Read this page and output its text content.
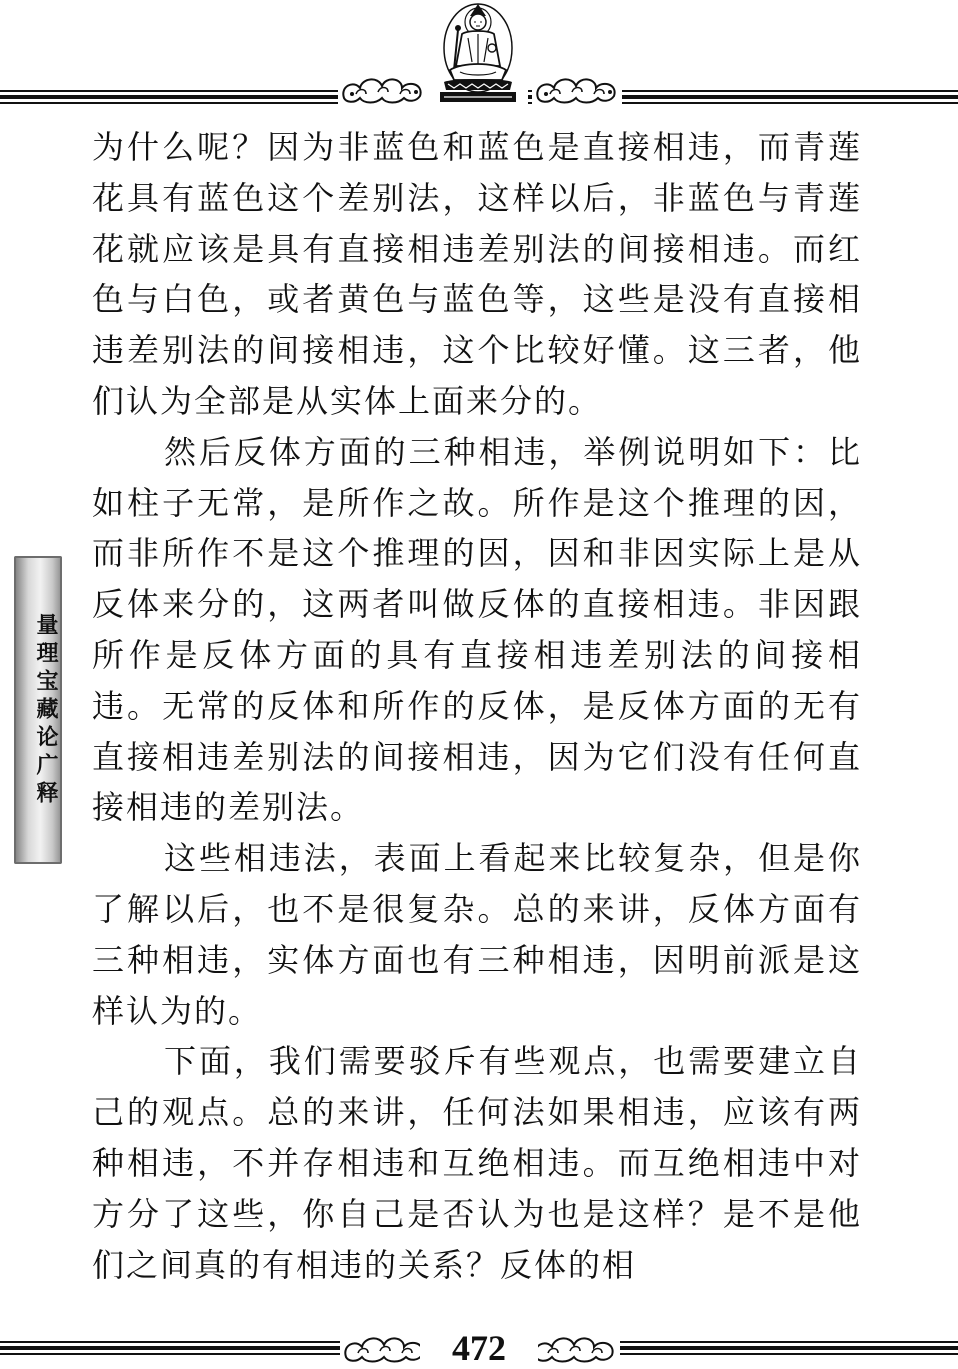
量理宝藏论广释

为什么呢？因为非蓝色和蓝色是直接相违，而青莲花具有蓝色这个差别法，这样以后，非蓝色与青莲花就应该是具有直接相违差别法的间接相违。而红色与白色，或者黄色与蓝色等，这些是没有直接相违差别法的间接相违，这个比较好懂。这三者，他们认为全部是从实体上面来分的。

然后反体方面的三种相违，举例说明如下：比如柱子无常，是所作之故。所作是这个推理的因，而非所作不是这个推理的因，因和非因实际上是从反体来分的，这两者叫做反体的直接相违。非因跟所作是反体方面的具有直接相违差别法的间接相违。无常的反体和所作的反体，是反体方面的无有直接相违差别法的间接相违，因为它们没有任何直接相违的差别法。

这些相违法，表面上看起来比较复杂，但是你了解以后，也不是很复杂。总的来讲，反体方面有三种相违，实体方面也有三种相违，因明前派是这样认为的。

下面，我们需要驳斥有些观点，也需要建立自己的观点。总的来讲，任何法如果相违，应该有两种相违，不并存相违和互绝相违。而互绝相违中对方分了这些，你自己是否认为也是这样？是不是他们之间真的有相违的关系？反体的相

472
